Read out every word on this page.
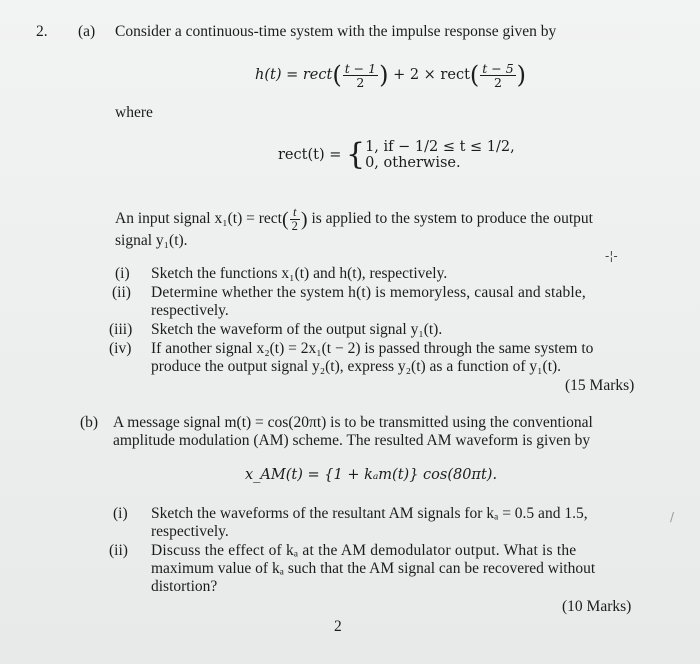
2. (a) Consider a continuous-time system with the impulse response given by
h(t) = rect( $\frac{t - 1}{2}$ ) + 2 × rect( $\frac{t - 5}{2}$ )
where
rect(t) = { 1, if − 1/2 ≤ t ≤ 1/2,
0, otherwise.
An input signal x₁(t) = rect( $\frac{t}{2}$ ) is applied to the system to produce the output
signal y₁(t).
-¦-
(i) Sketch the functions x₁(t) and h(t), respectively.
(ii) Determine whether the system h(t) is memoryless, causal and stable,
respectively.
(iii) Sketch the waveform of the output signal y₁(t).
(iv) If another signal x₂(t) = 2x₁(t − 2) is passed through the same system to
produce the output signal y₂(t), express y₂(t) as a function of y₁(t).
(15 Marks)
(b) A message signal m(t) = cos(20πt) is to be transmitted using the conventional
amplitude modulation (AM) scheme. The resulted AM waveform is given by
x_AM(t) = {1 + kₐm(t)} cos(80πt).
(i) Sketch the waveforms of the resultant AM signals for kₐ = 0.5 and 1.5,
respectively.
(ii) Discuss the effect of kₐ at the AM demodulator output. What is the
maximum value of kₐ such that the AM signal can be recovered without
distortion?
(10 Marks)
2
/
